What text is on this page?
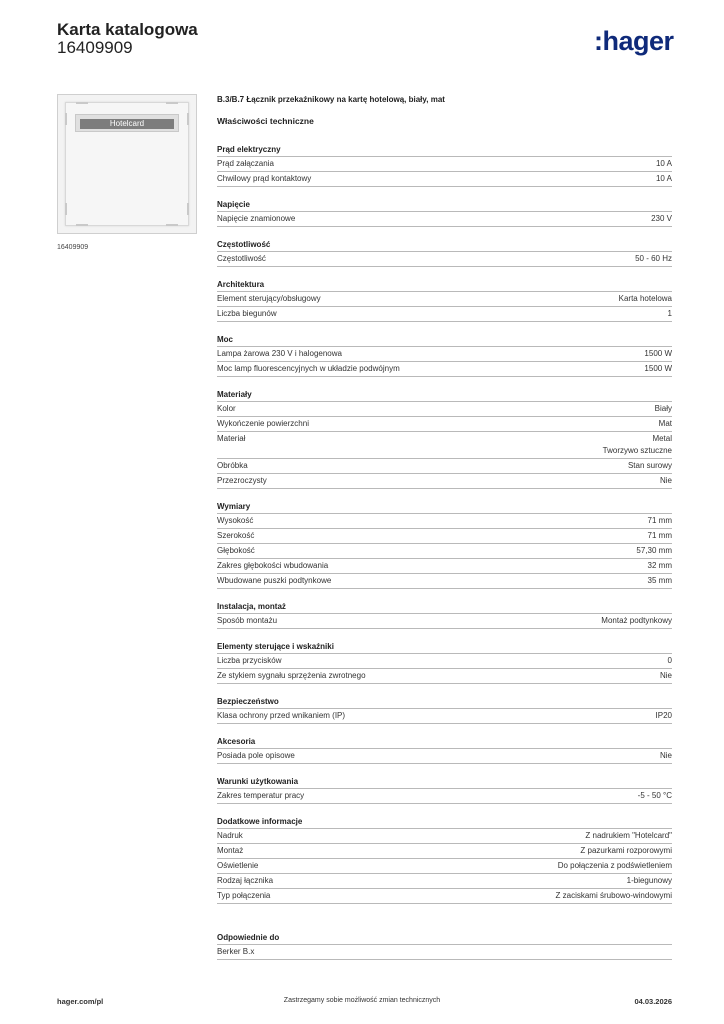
Karta katalogowa
16409909	:hager
Hotelcard
16409909
B.3/B.7 Łącznik przekaźnikowy na kartę hotelową, biały, mat
Właściwości techniczne
Prąd elektryczny
Prąd załączania	10 A
Chwilowy prąd kontaktowy	10 A
Napięcie
Napięcie znamionowe	230 V
Częstotliwość
Częstotliwość	50 - 60 Hz
Architektura
Element sterujący/obsługowy	Karta hotelowa
Liczba biegunów	1
Moc
Lampa żarowa 230 V i halogenowa	1500 W
Moc lamp fluorescencyjnych w układzie podwójnym	1500 W
Materiały
Kolor	Biały
Wykończenie powierzchni	Mat
Materiał	Metal
Tworzywo sztuczne
Obróbka	Stan surowy
Przezroczysty	Nie
Wymiary
Wysokość	71 mm
Szerokość	71 mm
Głębokość	57,30 mm
Zakres głębokości wbudowania	32 mm
Wbudowane puszki podtynkowe	35 mm
Instalacja, montaż
Sposób montażu	Montaż podtynkowy
Elementy sterujące i wskaźniki
Liczba przycisków	0
Ze stykiem sygnału sprzężenia zwrotnego	Nie
Bezpieczeństwo
Klasa ochrony przed wnikaniem (IP)	IP20
Akcesoria
Posiada pole opisowe	Nie
Warunki użytkowania
Zakres temperatur pracy	-5 - 50 °C
Dodatkowe informacje
Nadruk	Z nadrukiem "Hotelcard"
Montaż	Z pazurkami rozporowymi
Oświetlenie	Do połączenia z podświetleniem
Rodzaj łącznika	1-biegunowy
Typ połączenia	Z zaciskami śrubowo-windowymi
Odpowiednie do
Berker B.x
Zastrzegamy sobie możliwość zmian technicznych
hager.com/pl	04.03.2026
